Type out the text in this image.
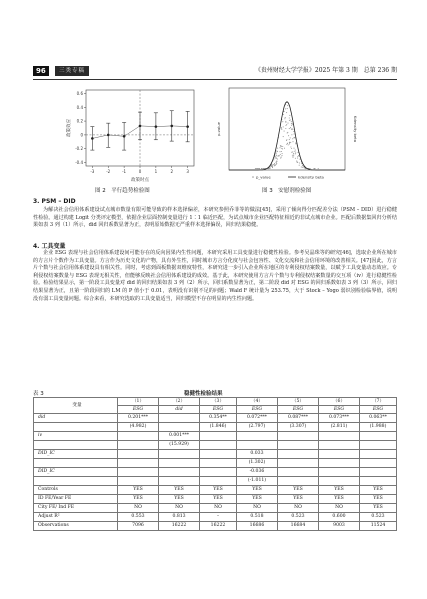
96	三类专稿	《贵州财经大学学报》2025 年第 3 期　总第 236 期
0.6
0.4
0.2
0
-0.2
-0.4
-3	-2	-1	0	1	2	3
政策效应
政策时点
图 2　平行趋势检验图
p-value	Kdensity beta
p_value	kdensity beta
图 3　安慰剂检验图
3. PSM – DID
为解决社会信用体系建设试点城市数量有限可能导致的样本选择偏差，本研究参照乔菲等的做法[45]，采用了倾向得分匹配差分法（PSM – DID）进行稳健性检验。通过构建 Logit 分类评定模型，依据企业层面控制变量进行 1∶1 临近匹配，为试点城市企业匹配特征相近的非试点城市企业。匹配后数据集回归分析结果如表 3 列（1）所示，did 回归系数显著为正，表明原始数据无严重样本选择偏误，回归结果稳健。
4. 工具变量
企业 ESG 表现与社会信用体系建设间可能存在的反向因果内生性问题，本研究采用工具变量进行稳健性检验。参考吴晶珠等的研究[46]，选取企业所在城市的方言片个数作为工具变量。方言作为历史文化的产物，具有外生性，同时城市方言分化度与社会包容性、文化交流和社会信用环境的改善相关。[47]因此，方言片个数与社会信用体系建设具有相关性。同时，考虑到面板数据双维度特性，本研究进一步引入企业所在地区的专利侵权结案数量，以赋予工具变量动态效应。专利侵权结案数量与 ESG 表现无相关性，但能够反映社会信用体系建设的成效。基于此，本研究使用方言片个数与专利侵权结案数量的交互项（iv）进行稳健性检验。检验结果显示，第一阶段工具变量对 did 的回归结果如表 3 列（2）所示，回归系数显著为正，第二阶段 did 对 ESG 的回归系数如表 3 列（3）所示，回归结果显著为正，且第一阶段回归的 LM 的 P 值小于 0.01，表明没有识别不足的问题；Wald F 统计量为 253.75，大于 Stock – Yogo 弱识别检验临界值，说明没有弱工具变量问题。综合来看，本研究选取的工具变量适当，回归模型不存在明显的内生性问题。
表 3	稳健性检验结果
变量	（1）	（2）	（3）	（4）	（5）	（6）	（7）
	ESG	did	ESG	ESG	ESG	ESG	ESG
did	0.201***		0.354**	0.072***	0.087***	0.073***	0.063**
	(4.982)		(1.846)	(2.797)	(3.307)	(2.811)	(1.988)
iv		0.001***					
		(15.929)					
DID_IC				0.033			
				(1.302)			
DID_IC				-0.036			
				(-1.011)			
Controls	YES	YES	YES	YES	YES	YES	YES
ID FE/Year FE	YES	YES	YES	YES	YES	YES	YES
City FE/ Ind FE	NO	NO	NO	NO	NO	NO	YES
Adjust R²	0.553	0.813	–	0.518	0.523	0.600	0.523
Observations	7096	16222	16222	16686	16684	9003	11524
